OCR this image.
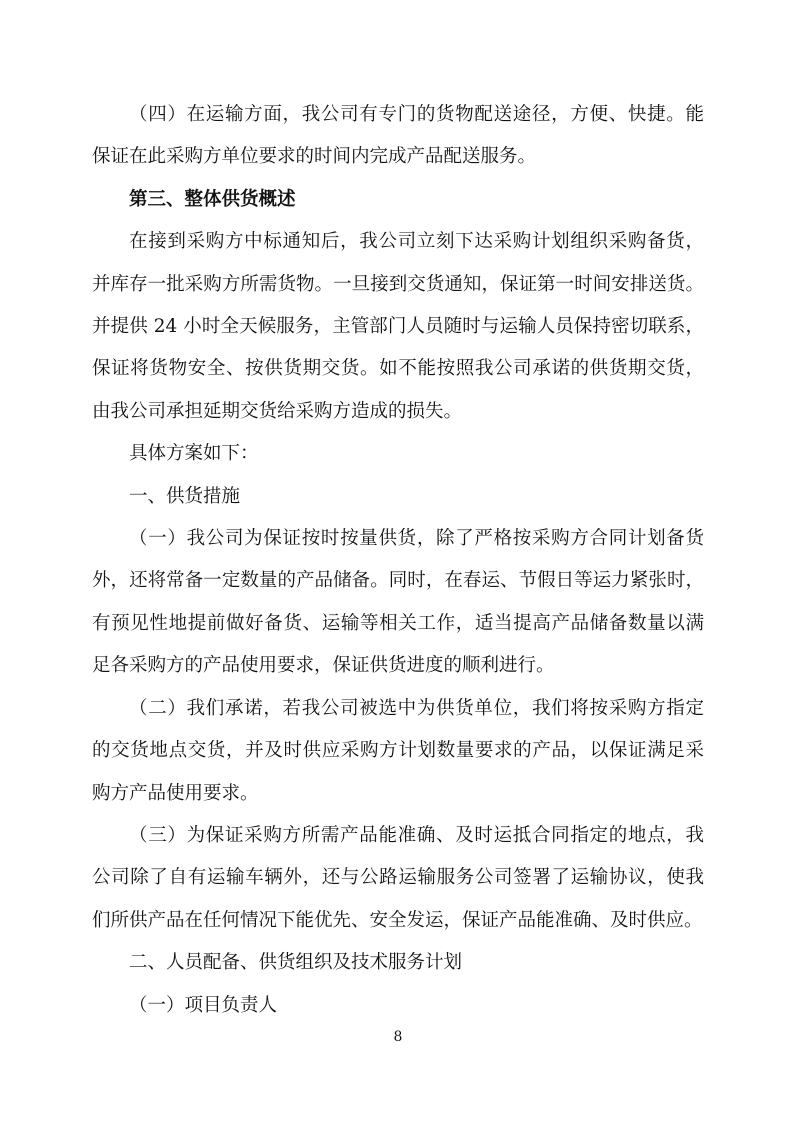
（四）在运输方面，我公司有专门的货物配送途径，方便、快捷。能
保证在此采购方单位要求的时间内完成产品配送服务。
第三、整体供货概述
在接到采购方中标通知后，我公司立刻下达采购计划组织采购备货，
并库存一批采购方所需货物。一旦接到交货通知，保证第一时间安排送货。
并提供 24 小时全天候服务，主管部门人员随时与运输人员保持密切联系，
保证将货物安全、按供货期交货。如不能按照我公司承诺的供货期交货，
由我公司承担延期交货给采购方造成的损失。
具体方案如下：
一、供货措施
（一）我公司为保证按时按量供货，除了严格按采购方合同计划备货
外，还将常备一定数量的产品储备。同时，在春运、节假日等运力紧张时，
有预见性地提前做好备货、运输等相关工作，适当提高产品储备数量以满
足各采购方的产品使用要求，保证供货进度的顺利进行。
（二）我们承诺，若我公司被选中为供货单位，我们将按采购方指定
的交货地点交货，并及时供应采购方计划数量要求的产品，以保证满足采
购方产品使用要求。
（三）为保证采购方所需产品能准确、及时运抵合同指定的地点，我
公司除了自有运输车辆外，还与公路运输服务公司签署了运输协议，使我
们所供产品在任何情况下能优先、安全发运，保证产品能准确、及时供应。
二、人员配备、供货组织及技术服务计划
（一）项目负责人
8
